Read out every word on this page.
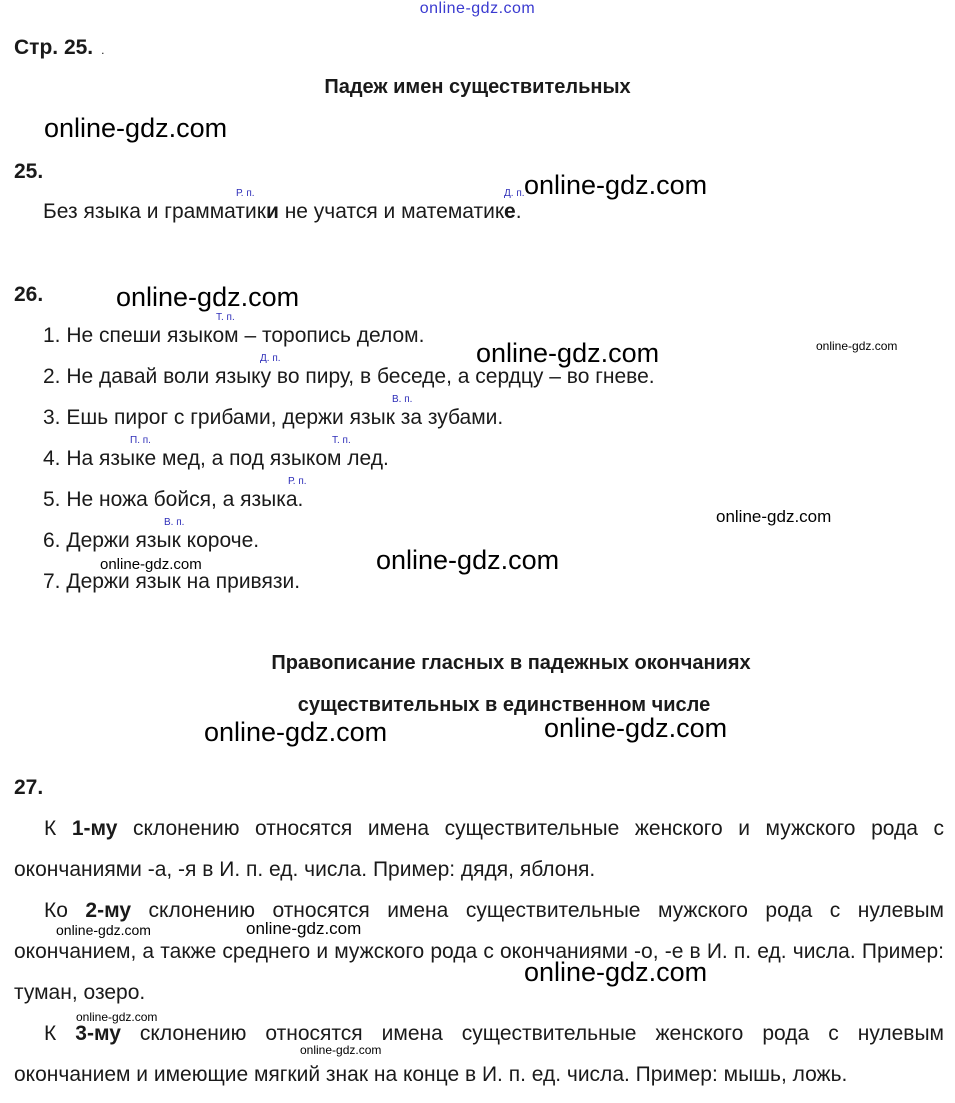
online-gdz.com
Стр. 25. .
Падеж имен существительных
online-gdz.com
25.
Р. п.	Д. п. online-gdz.com
Без языка и грамматики не учатся и математике.
26.	online-gdz.com
Т. п.
1. Не спеши языком – торопись делом.
online-gdz.com	online-gdz.com
Д. п.
2. Не давай воли языку во пиру, в беседе, а сердцу – во гневе.
В. п.
3. Ешь пирог с грибами, держи язык за зубами.
П. п.	Т. п.
4. На языке мед, а под языком лед.
Р. п.
5. Не ножа бойся, а языка.
online-gdz.com
В. п.
6. Держи язык короче.
online-gdz.com
online-gdz.com
7. Держи язык на привязи.
Правописание гласных в падежных окончаниях
существительных в единственном числе
online-gdz.com	online-gdz.com
27.
К 1-му склонению относятся имена существительные женского и мужского рода с окончаниями -а, -я в И. п. ед. числа. Пример: дядя, яблоня.
Ко 2-му склонению относятся имена существительные мужского рода с нулевым окончанием, а также среднего и мужского рода с окончаниями -о, -е в И. п. ед. числа. Пример: туман, озеро.
К 3-му склонению относятся имена существительные женского рода с нулевым окончанием и имеющие мягкий знак на конце в И. п. ед. числа. Пример: мышь, ложь.
online-gdz.com	online-gdz.com
online-gdz.com
online-gdz.com
online-gdz.com
